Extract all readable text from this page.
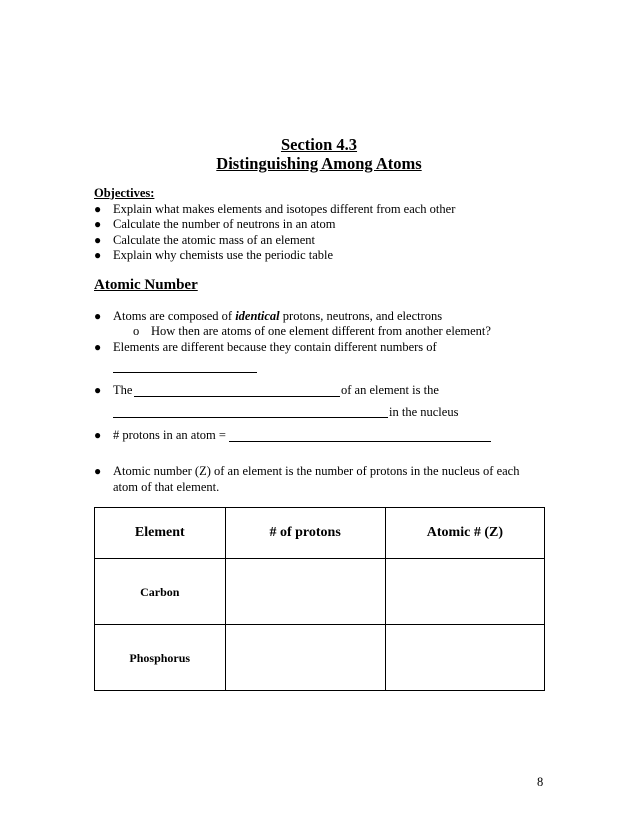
Section 4.3
Distinguishing Among Atoms
Objectives:
● Explain what makes elements and isotopes different from each other
● Calculate the number of neutrons in an atom
● Calculate the atomic mass of an element
● Explain why chemists use the periodic table
Atomic Number
● Atoms are composed of identical protons, neutrons, and electrons
o How then are atoms of one element different from another element?
● Elements are different because they contain different numbers of
● The	of an element is the
in the nucleus
● # protons in an atom =
● Atomic number (Z) of an element is the number of protons in the nucleus of each
atom of that element.
Element	# of protons	Atomic # (Z)
Carbon		
Phosphorus		
8
